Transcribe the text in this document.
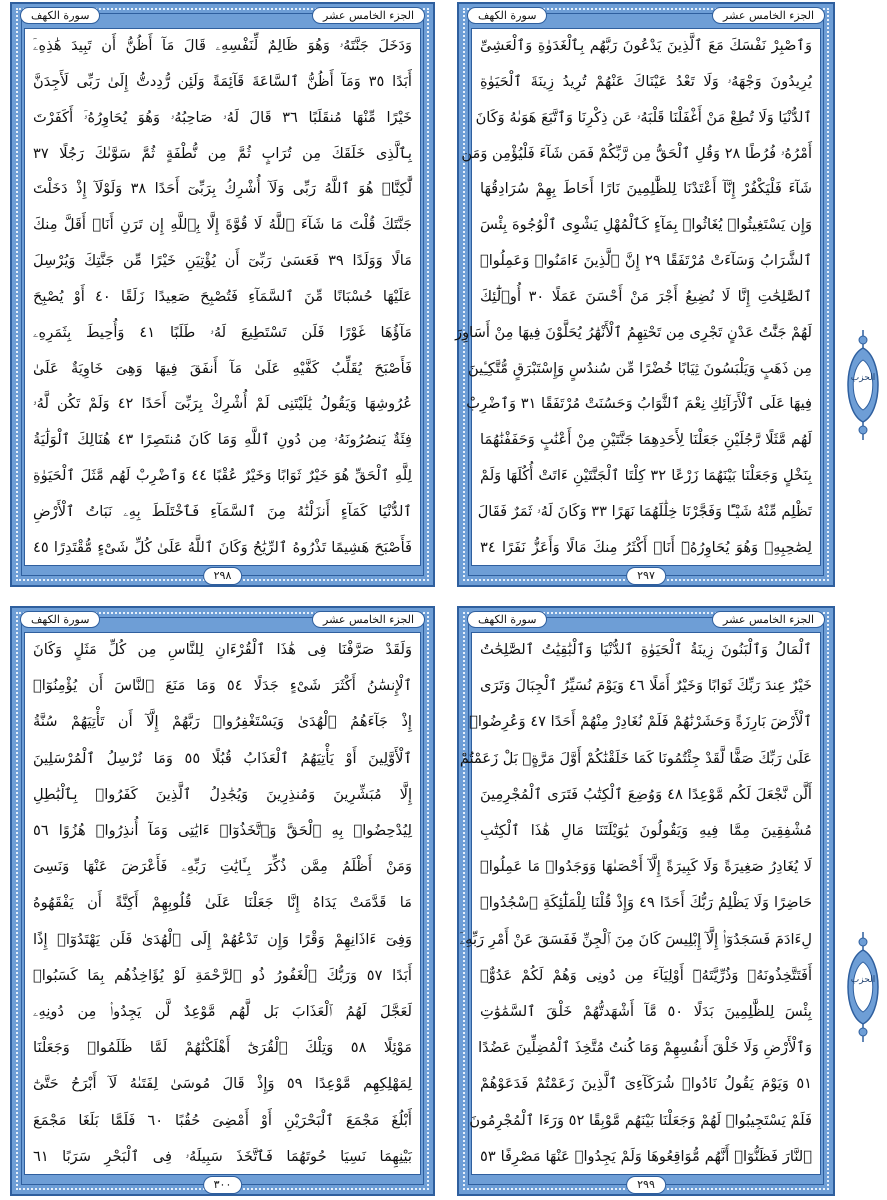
سورة الكهف	الجزء الخامس عشر
وَدَخَلَ جَنَّتَهُۥ وَهُوَ ظَالِمٌ لِّنَفْسِهِۦ قَالَ مَآ أَظُنُّ أَن تَبِيدَ هَٰذِهِۦٓ
أَبَدًا ٣٥ وَمَآ أَظُنُّ ٱلسَّاعَةَ قَآئِمَةً وَلَئِن رُّدِدتُّ إِلَىٰ رَبِّى لَأَجِدَنَّ
خَيْرًا مِّنْهَا مُنقَلَبًا ٣٦ قَالَ لَهُۥ صَاحِبُهُۥ وَهُوَ يُحَاوِرُهُۥٓ أَكَفَرْتَ
بِٱلَّذِى خَلَقَكَ مِن تُرَابٍ ثُمَّ مِن نُّطْفَةٍ ثُمَّ سَوَّىٰكَ رَجُلًا ٣٧
لَّٰكِنَّا۠ هُوَ ٱللَّهُ رَبِّى وَلَآ أُشْرِكُ بِرَبِّىٓ أَحَدًا ٣٨ وَلَوْلَآ إِذْ دَخَلْتَ
جَنَّتَكَ قُلْتَ مَا شَآءَ ٱللَّهُ لَا قُوَّةَ إِلَّا بِٱللَّهِ إِن تَرَنِ أَنَا۠ أَقَلَّ مِنكَ
مَالًا وَوَلَدًا ٣٩ فَعَسَىٰ رَبِّىٓ أَن يُؤْتِيَنِ خَيْرًا مِّن جَنَّتِكَ وَيُرْسِلَ
عَلَيْهَا حُسْبَانًا مِّنَ ٱلسَّمَآءِ فَتُصْبِحَ صَعِيدًا زَلَقًا ٤٠ أَوْ يُصْبِحَ
مَآؤُهَا غَوْرًا فَلَن تَسْتَطِيعَ لَهُۥ طَلَبًا ٤١ وَأُحِيطَ بِثَمَرِهِۦ
فَأَصْبَحَ يُقَلِّبُ كَفَّيْهِ عَلَىٰ مَآ أَنفَقَ فِيهَا وَهِىَ خَاوِيَةٌ عَلَىٰ
عُرُوشِهَا وَيَقُولُ يَٰلَيْتَنِى لَمْ أُشْرِكْ بِرَبِّىٓ أَحَدًا ٤٢ وَلَمْ تَكُن لَّهُۥ
فِئَةٌ يَنصُرُونَهُۥ مِن دُونِ ٱللَّهِ وَمَا كَانَ مُنتَصِرًا ٤٣ هُنَالِكَ ٱلْوَلَٰيَةُ
لِلَّهِ ٱلْحَقِّ هُوَ خَيْرٌ ثَوَابًا وَخَيْرٌ عُقْبًا ٤٤ وَٱضْرِبْ لَهُم مَّثَلَ ٱلْحَيَوٰةِ
ٱلدُّنْيَا كَمَآءٍ أَنزَلْنَٰهُ مِنَ ٱلسَّمَآءِ فَٱخْتَلَطَ بِهِۦ نَبَاتُ ٱلْأَرْضِ
فَأَصْبَحَ هَشِيمًا تَذْرُوهُ ٱلرِّيَٰحُ وَكَانَ ٱللَّهُ عَلَىٰ كُلِّ شَىْءٍ مُّقْتَدِرًا ٤٥
٢٩٨
سورة الكهف	الجزء الخامس عشر
وَٱصْبِرْ نَفْسَكَ مَعَ ٱلَّذِينَ يَدْعُونَ رَبَّهُم بِٱلْغَدَوٰةِ وَٱلْعَشِىِّ
يُرِيدُونَ وَجْهَهُۥ وَلَا تَعْدُ عَيْنَاكَ عَنْهُمْ تُرِيدُ زِينَةَ ٱلْحَيَوٰةِ
ٱلدُّنْيَا وَلَا تُطِعْ مَنْ أَغْفَلْنَا قَلْبَهُۥ عَن ذِكْرِنَا وَٱتَّبَعَ هَوَىٰهُ وَكَانَ
أَمْرُهُۥ فُرُطًا ٢٨ وَقُلِ ٱلْحَقُّ مِن رَّبِّكُمْ فَمَن شَآءَ فَلْيُؤْمِن وَمَن
شَآءَ فَلْيَكْفُرْ إِنَّآ أَعْتَدْنَا لِلظَّٰلِمِينَ نَارًا أَحَاطَ بِهِمْ سُرَادِقُهَا
وَإِن يَسْتَغِيثُوا۟ يُغَاثُوا۟ بِمَآءٍ كَٱلْمُهْلِ يَشْوِى ٱلْوُجُوهَ بِئْسَ
ٱلشَّرَابُ وَسَآءَتْ مُرْتَفَقًا ٢٩ إِنَّ ٱلَّذِينَ ءَامَنُوا۟ وَعَمِلُوا۟
ٱلصَّٰلِحَٰتِ إِنَّا لَا نُضِيعُ أَجْرَ مَنْ أَحْسَنَ عَمَلًا ٣٠ أُو۟لَٰٓئِكَ
لَهُمْ جَنَّٰتُ عَدْنٍ تَجْرِى مِن تَحْتِهِمُ ٱلْأَنْهَٰرُ يُحَلَّوْنَ فِيهَا مِنْ أَسَاوِرَ
مِن ذَهَبٍ وَيَلْبَسُونَ ثِيَابًا خُضْرًا مِّن سُندُسٍ وَإِسْتَبْرَقٍ مُّتَّكِـِٔينَ
فِيهَا عَلَى ٱلْأَرَآئِكِ نِعْمَ ٱلثَّوَابُ وَحَسُنَتْ مُرْتَفَقًا ٣١ وَٱضْرِبْ
لَهُم مَّثَلًا رَّجُلَيْنِ جَعَلْنَا لِأَحَدِهِمَا جَنَّتَيْنِ مِنْ أَعْنَٰبٍ وَحَفَفْنَٰهُمَا
بِنَخْلٍ وَجَعَلْنَا بَيْنَهُمَا زَرْعًا ٣٢ كِلْتَا ٱلْجَنَّتَيْنِ ءَاتَتْ أُكُلَهَا وَلَمْ
تَظْلِم مِّنْهُ شَيْـًٔا وَفَجَّرْنَا خِلَٰلَهُمَا نَهَرًا ٣٣ وَكَانَ لَهُۥ ثَمَرٌ فَقَالَ
لِصَٰحِبِهِۦ وَهُوَ يُحَاوِرُهُۥٓ أَنَا۠ أَكْثَرُ مِنكَ مَالًا وَأَعَزُّ نَفَرًا ٣٤
٢٩٧
سورة الكهف	الجزء الخامس عشر
وَلَقَدْ صَرَّفْنَا فِى هَٰذَا ٱلْقُرْءَانِ لِلنَّاسِ مِن كُلِّ مَثَلٍ وَكَانَ
ٱلْإِنسَٰنُ أَكْثَرَ شَىْءٍ جَدَلًا ٥٤ وَمَا مَنَعَ ٱلنَّاسَ أَن يُؤْمِنُوٓا۟
إِذْ جَآءَهُمُ ٱلْهُدَىٰ وَيَسْتَغْفِرُوا۟ رَبَّهُمْ إِلَّآ أَن تَأْتِيَهُمْ سُنَّةُ
ٱلْأَوَّلِينَ أَوْ يَأْتِيَهُمُ ٱلْعَذَابُ قُبُلًا ٥٥ وَمَا نُرْسِلُ ٱلْمُرْسَلِينَ
إِلَّا مُبَشِّرِينَ وَمُنذِرِينَ وَيُجَٰدِلُ ٱلَّذِينَ كَفَرُوا۟ بِٱلْبَٰطِلِ
لِيُدْحِضُوا۟ بِهِ ٱلْحَقَّ وَٱتَّخَذُوٓا۟ ءَايَٰتِى وَمَآ أُنذِرُوا۟ هُزُوًا ٥٦
وَمَنْ أَظْلَمُ مِمَّن ذُكِّرَ بِـَٔايَٰتِ رَبِّهِۦ فَأَعْرَضَ عَنْهَا وَنَسِىَ
مَا قَدَّمَتْ يَدَاهُ إِنَّا جَعَلْنَا عَلَىٰ قُلُوبِهِمْ أَكِنَّةً أَن يَفْقَهُوهُ
وَفِىٓ ءَاذَانِهِمْ وَقْرًا وَإِن تَدْعُهُمْ إِلَى ٱلْهُدَىٰ فَلَن يَهْتَدُوٓا۟ إِذًا
أَبَدًا ٥٧ وَرَبُّكَ ٱلْغَفُورُ ذُو ٱلرَّحْمَةِ لَوْ يُؤَاخِذُهُم بِمَا كَسَبُوا۟
لَعَجَّلَ لَهُمُ ٱلْعَذَابَ بَل لَّهُم مَّوْعِدٌ لَّن يَجِدُوا۟ مِن دُونِهِۦ
مَوْئِلًا ٥٨ وَتِلْكَ ٱلْقُرَىٰٓ أَهْلَكْنَٰهُمْ لَمَّا ظَلَمُوا۟ وَجَعَلْنَا
لِمَهْلِكِهِم مَّوْعِدًا ٥٩ وَإِذْ قَالَ مُوسَىٰ لِفَتَىٰهُ لَآ أَبْرَحُ حَتَّىٰٓ
أَبْلُغَ مَجْمَعَ ٱلْبَحْرَيْنِ أَوْ أَمْضِىَ حُقُبًا ٦٠ فَلَمَّا بَلَغَا مَجْمَعَ
بَيْنِهِمَا نَسِيَا حُوتَهُمَا فَٱتَّخَذَ سَبِيلَهُۥ فِى ٱلْبَحْرِ سَرَبًا ٦١
٣٠٠
سورة الكهف	الجزء الخامس عشر
ٱلْمَالُ وَٱلْبَنُونَ زِينَةُ ٱلْحَيَوٰةِ ٱلدُّنْيَا وَٱلْبَٰقِيَٰتُ ٱلصَّٰلِحَٰتُ
خَيْرٌ عِندَ رَبِّكَ ثَوَابًا وَخَيْرٌ أَمَلًا ٤٦ وَيَوْمَ نُسَيِّرُ ٱلْجِبَالَ وَتَرَى
ٱلْأَرْضَ بَارِزَةً وَحَشَرْنَٰهُمْ فَلَمْ نُغَادِرْ مِنْهُمْ أَحَدًا ٤٧ وَعُرِضُوا۟
عَلَىٰ رَبِّكَ صَفًّا لَّقَدْ جِئْتُمُونَا كَمَا خَلَقْنَٰكُمْ أَوَّلَ مَرَّةٍۭ بَلْ زَعَمْتُمْ
أَلَّن نَّجْعَلَ لَكُم مَّوْعِدًا ٤٨ وَوُضِعَ ٱلْكِتَٰبُ فَتَرَى ٱلْمُجْرِمِينَ
مُشْفِقِينَ مِمَّا فِيهِ وَيَقُولُونَ يَٰوَيْلَتَنَا مَالِ هَٰذَا ٱلْكِتَٰبِ
لَا يُغَادِرُ صَغِيرَةً وَلَا كَبِيرَةً إِلَّآ أَحْصَىٰهَا وَوَجَدُوا۟ مَا عَمِلُوا۟
حَاضِرًا وَلَا يَظْلِمُ رَبُّكَ أَحَدًا ٤٩ وَإِذْ قُلْنَا لِلْمَلَٰٓئِكَةِ ٱسْجُدُوا۟
لِءَادَمَ فَسَجَدُوٓا۟ إِلَّآ إِبْلِيسَ كَانَ مِنَ ٱلْجِنِّ فَفَسَقَ عَنْ أَمْرِ رَبِّهِۦٓ
أَفَتَتَّخِذُونَهُۥ وَذُرِّيَّتَهُۥٓ أَوْلِيَآءَ مِن دُونِى وَهُمْ لَكُمْ عَدُوٌّۢ
بِئْسَ لِلظَّٰلِمِينَ بَدَلًا ٥٠ مَّآ أَشْهَدتُّهُمْ خَلْقَ ٱلسَّمَٰوَٰتِ
وَٱلْأَرْضِ وَلَا خَلْقَ أَنفُسِهِمْ وَمَا كُنتُ مُتَّخِذَ ٱلْمُضِلِّينَ عَضُدًا
٥١ وَيَوْمَ يَقُولُ نَادُوا۟ شُرَكَآءِىَ ٱلَّذِينَ زَعَمْتُمْ فَدَعَوْهُمْ
فَلَمْ يَسْتَجِيبُوا۟ لَهُمْ وَجَعَلْنَا بَيْنَهُم مَّوْبِقًا ٥٢ وَرَءَا ٱلْمُجْرِمُونَ
ٱلنَّارَ فَظَنُّوٓا۟ أَنَّهُم مُّوَاقِعُوهَا وَلَمْ يَجِدُوا۟ عَنْهَا مَصْرِفًا ٥٣
٢٩٩
الحزب
الحزب
